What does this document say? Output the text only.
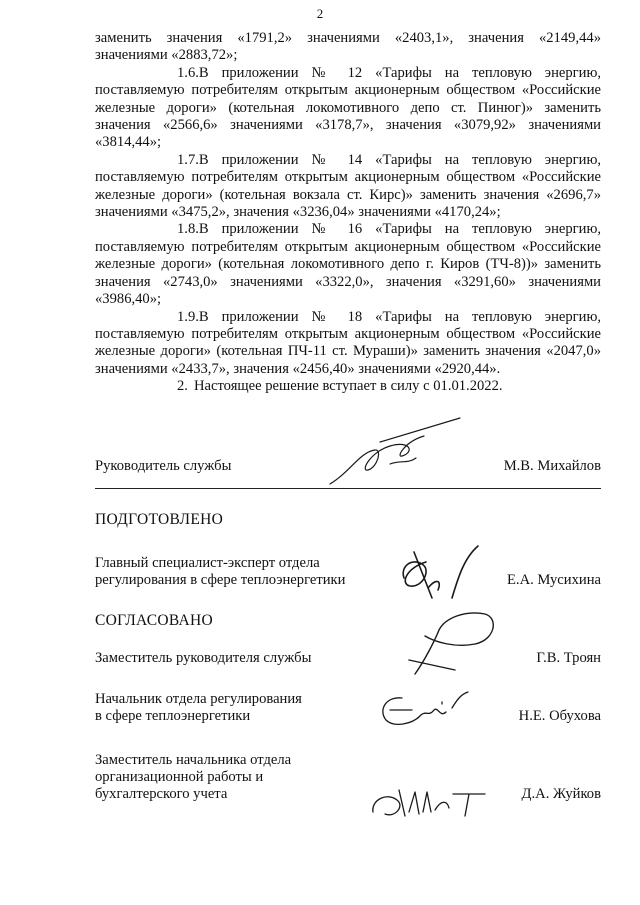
2

заменить значения «1791,2» значениями «2403,1», значения «2149,44» значениями «2883,72»;

1.6.В приложении № 12 «Тарифы на тепловую энергию, поставляемую потребителям открытым акционерным обществом «Российские железные дороги» (котельная локомотивного депо ст. Пинюг)» заменить значения «2566,6» значениями «3178,7», значения «3079,92» значениями «3814,44»;

1.7.В приложении № 14 «Тарифы на тепловую энергию, поставляемую потребителям открытым акционерным обществом «Российские железные дороги» (котельная вокзала ст. Кирс)» заменить значения «2696,7» значениями «3475,2», значения «3236,04» значениями «4170,24»;

1.8.В приложении № 16 «Тарифы на тепловую энергию, поставляемую потребителям открытым акционерным обществом «Российские железные дороги» (котельная локомотивного депо г. Киров (ТЧ-8))» заменить значения «2743,0» значениями «3322,0», значения «3291,60» значениями «3986,40»;

1.9.В приложении № 18 «Тарифы на тепловую энергию, поставляемую потребителям открытым акционерным обществом «Российские железные дороги» (котельная ПЧ-11 ст. Мураши)» заменить значения «2047,0» значениями «2433,7», значения «2456,40» значениями «2920,44».

2. Настоящее решение вступает в силу с 01.01.2022.

Руководитель службы	М.В. Михайлов
ПОДГОТОВЛЕНО
Главный специалист-эксперт отдела
регулирования в сфере теплоэнергетики	Е.А. Мусихина
СОГЛАСОВАНО
Заместитель руководителя службы	Г.В. Троян
Начальник отдела регулирования
в сфере теплоэнергетики	Н.Е. Обухова
Заместитель начальника отдела
организационной работы и
бухгалтерского учета	Д.А. Жуйков
